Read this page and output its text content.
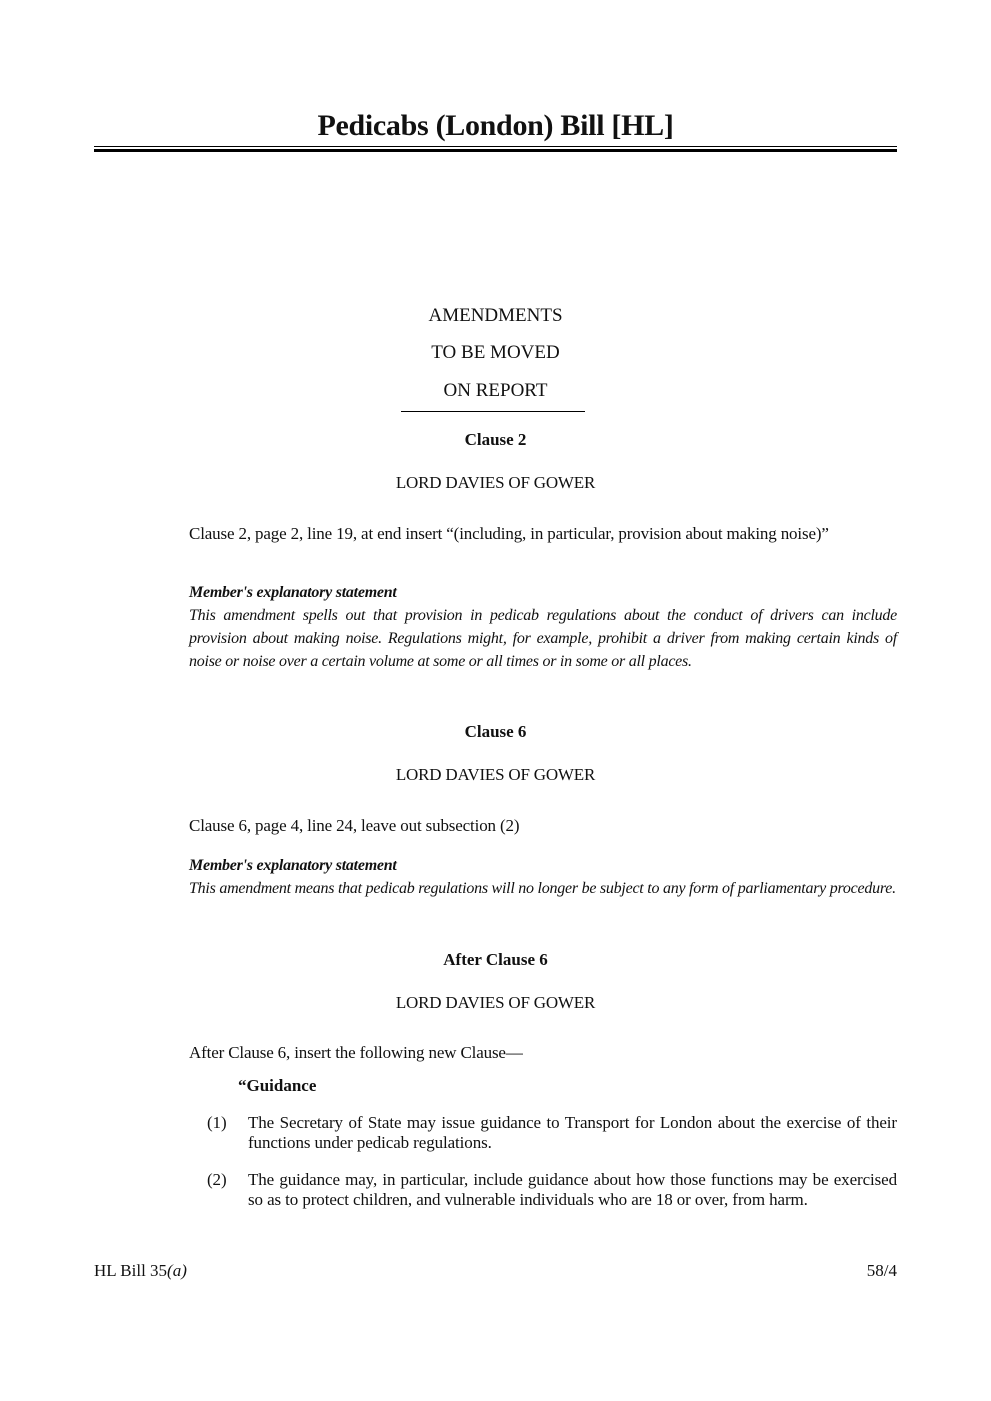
Pedicabs (London) Bill [HL]
AMENDMENTS
TO BE MOVED
ON REPORT
Clause 2
LORD DAVIES OF GOWER
Clause 2, page 2, line 19, at end insert “(including, in particular, provision about making noise)”
Member's explanatory statement
This amendment spells out that provision in pedicab regulations about the conduct of drivers can include provision about making noise. Regulations might, for example, prohibit a driver from making certain kinds of noise or noise over a certain volume at some or all times or in some or all places.
Clause 6
LORD DAVIES OF GOWER
Clause 6, page 4, line 24, leave out subsection (2)
Member's explanatory statement
This amendment means that pedicab regulations will no longer be subject to any form of parliamentary procedure.
After Clause 6
LORD DAVIES OF GOWER
After Clause 6, insert the following new Clause—
“Guidance
(1) The Secretary of State may issue guidance to Transport for London about the exercise of their functions under pedicab regulations.
(2) The guidance may, in particular, include guidance about how those functions may be exercised so as to protect children, and vulnerable individuals who are 18 or over, from harm.
HL Bill 35(a)	58/4
